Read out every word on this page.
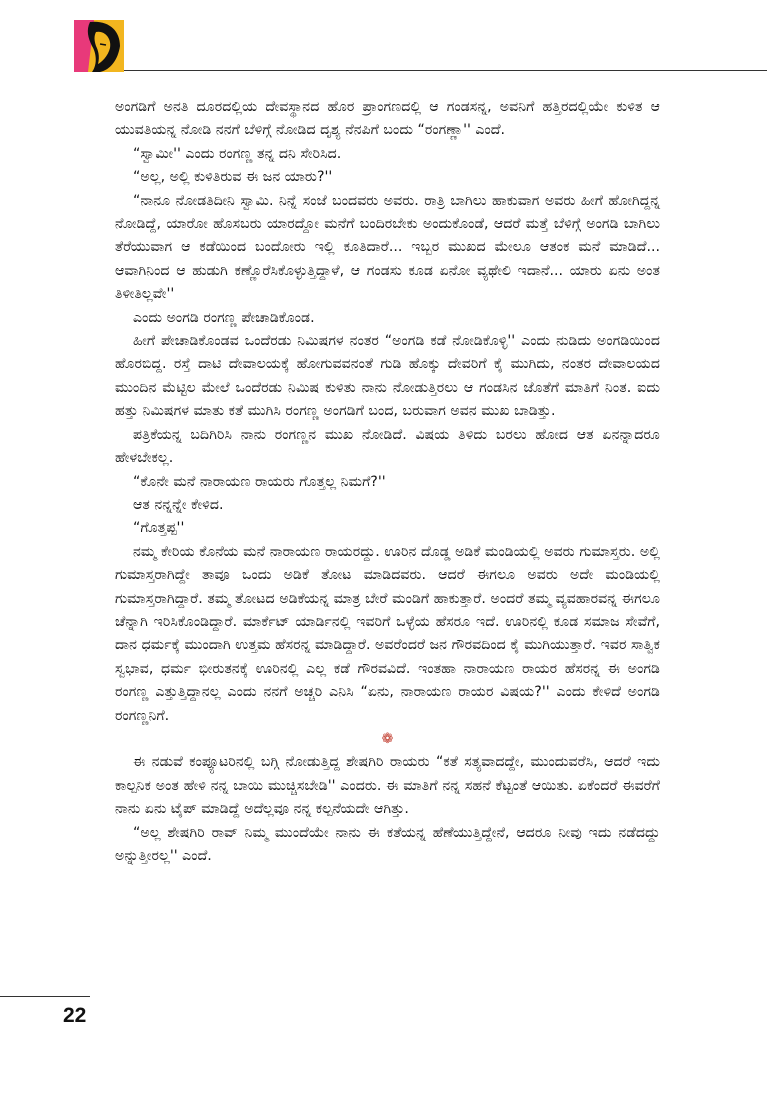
ಅಂಗಡಿಗೆ ಅನತಿ ದೂರದಲ್ಲಿಯ ದೇವಸ್ಥಾನದ ಹೊರ ಪ್ರಾಂಗಣದಲ್ಲಿ ಆ ಗಂಡಸನ್ನ, ಅವನಿಗೆ ಹತ್ತಿರದಲ್ಲಿಯೇ ಕುಳಿತ ಆ ಯುವತಿಯನ್ನ ನೋಡಿ ನನಗೆ ಬೆಳಿಗ್ಗೆ ನೋಡಿದ ದೃಶ್ಯ ನೆನಪಿಗೆ ಬಂದು “ರಂಗಣ್ಣಾ'' ಎಂದೆ.

“ಸ್ವಾಮೀ'' ಎಂದು ರಂಗಣ್ಣ ತನ್ನ ದನಿ ಸೇರಿಸಿದ.

“ಅಲ್ಲ, ಅಲ್ಲಿ ಕುಳಿತಿರುವ ಈ ಜನ ಯಾರು?''

“ನಾನೂ ನೋಡತಿದೀನಿ ಸ್ವಾಮಿ. ನಿನ್ನೆ ಸಂಜೆ ಬಂದವರು ಅವರು. ರಾತ್ರಿ ಬಾಗಿಲು ಹಾಕುವಾಗ ಅವರು ಹೀಗೆ ಹೋಗಿದ್ದನ್ನ ನೋಡಿದ್ದೆ, ಯಾರೋ ಹೊಸಬರು ಯಾರದ್ದೋ ಮನೆಗೆ ಬಂದಿರಬೇಕು ಅಂದುಕೊಂಡೆ, ಆದರೆ ಮತ್ತೆ ಬೆಳಿಗ್ಗೆ ಅಂಗಡಿ ಬಾಗಿಲು ತೆರೆಯುವಾಗ ಆ ಕಡೆಯಿಂದ ಬಂದೋರು ಇಲ್ಲಿ ಕೂತಿದಾರೆ... ಇಬ್ಬರ ಮುಖದ ಮೇಲೂ ಆತಂಕ ಮನೆ ಮಾಡಿದೆ... ಆವಾಗಿನಿಂದ ಆ ಹುಡುಗಿ ಕಣ್ಣೊರೆಸಿಕೊಳ್ಳುತ್ತಿದ್ದಾಳೆ, ಆ ಗಂಡಸು ಕೂಡ ಏನೋ ವ್ಯಥೇಲಿ ಇದಾನೆ... ಯಾರು ಏನು ಅಂತ ತಿಳೀತಿಲ್ಲವೇ''

ಎಂದು ಅಂಗಡಿ ರಂಗಣ್ಣ ಪೇಚಾಡಿಕೊಂಡ.

ಹೀಗೆ ಪೇಚಾಡಿಕೊಂಡವ ಒಂದೆರಡು ನಿಮಿಷಗಳ ನಂತರ “ಅಂಗಡಿ ಕಡೆ ನೋಡಿಕೊಳ್ಳಿ'' ಎಂದು ನುಡಿದು ಅಂಗಡಿಯಿಂದ ಹೊರಬಿದ್ದ. ರಸ್ತೆ ದಾಟಿ ದೇವಾಲಯಕ್ಕೆ ಹೋಗುವವನಂತೆ ಗುಡಿ ಹೊಕ್ಕು ದೇವರಿಗೆ ಕೈ ಮುಗಿದು, ನಂತರ ದೇವಾಲಯದ ಮುಂದಿನ ಮೆಟ್ಟಿಲ ಮೇಲೆ ಒಂದೆರಡು ನಿಮಿಷ ಕುಳಿತು ನಾನು ನೋಡುತ್ತಿರಲು ಆ ಗಂಡಸಿನ ಜೊತೆಗೆ ಮಾತಿಗೆ ನಿಂತ. ಐದು ಹತ್ತು ನಿಮಿಷಗಳ ಮಾತು ಕತೆ ಮುಗಿಸಿ ರಂಗಣ್ಣ ಅಂಗಡಿಗೆ ಬಂದ, ಬರುವಾಗ ಅವನ ಮುಖ ಬಾಡಿತ್ತು.

ಪತ್ರಿಕೆಯನ್ನ ಬದಿಗಿರಿಸಿ ನಾನು ರಂಗಣ್ಣನ ಮುಖ ನೋಡಿದೆ. ವಿಷಯ ತಿಳಿದು ಬರಲು ಹೋದ ಆತ ಏನನ್ನಾದರೂ ಹೇಳಬೇಕಲ್ಲ.

“ಕೊನೇ ಮನೆ ನಾರಾಯಣ ರಾಯರು ಗೊತ್ತಲ್ಲ ನಿಮಗೆ?''

ಆತ ನನ್ನನ್ನೇ ಕೇಳಿದ.

“ಗೊತ್ತಪ್ಪ''

ನಮ್ಮ ಕೇರಿಯ ಕೊನೆಯ ಮನೆ ನಾರಾಯಣ ರಾಯರದ್ದು. ಊರಿನ ದೊಡ್ಡ ಅಡಿಕೆ ಮಂಡಿಯಲ್ಲಿ ಅವರು ಗುಮಾಸ್ತರು. ಅಲ್ಲಿ ಗುಮಾಸ್ತರಾಗಿದ್ದೇ ತಾವೂ ಒಂದು ಅಡಿಕೆ ತೋಟ ಮಾಡಿದವರು. ಆದರೆ ಈಗಲೂ ಅವರು ಅದೇ ಮಂಡಿಯಲ್ಲಿ ಗುಮಾಸ್ತರಾಗಿದ್ದಾರೆ. ತಮ್ಮ ತೋಟದ ಅಡಿಕೆಯನ್ನ ಮಾತ್ರ ಬೇರೆ ಮಂಡಿಗೆ ಹಾಕುತ್ತಾರೆ. ಅಂದರೆ ತಮ್ಮ ವ್ಯವಹಾರವನ್ನ ಈಗಲೂ ಚೆನ್ನಾಗಿ ಇರಿಸಿಕೊಂಡಿದ್ದಾರೆ. ಮಾರ್ಕೆಟ್ ಯಾರ್ಡಿನಲ್ಲಿ ಇವರಿಗೆ ಒಳ್ಳೆಯ ಹೆಸರೂ ಇದೆ. ಊರಿನಲ್ಲಿ ಕೂಡ ಸಮಾಜ ಸೇವೆಗೆ, ದಾನ ಧರ್ಮಕ್ಕೆ ಮುಂದಾಗಿ ಉತ್ತಮ ಹೆಸರನ್ನ ಮಾಡಿದ್ದಾರೆ. ಅವರೆಂದರೆ ಜನ ಗೌರವದಿಂದ ಕೈ ಮುಗಿಯುತ್ತಾರೆ. ಇವರ ಸಾತ್ವಿಕ ಸ್ವಭಾವ, ಧರ್ಮ ಭೀರುತನಕ್ಕೆ ಊರಿನಲ್ಲಿ ಎಲ್ಲ ಕಡೆ ಗೌರವವಿದೆ. ಇಂತಹಾ ನಾರಾಯಣ ರಾಯರ ಹೆಸರನ್ನ ಈ ಅಂಗಡಿ ರಂಗಣ್ಣ ಎತ್ತುತ್ತಿದ್ದಾನಲ್ಲ ಎಂದು ನನಗೆ ಅಚ್ಚರಿ ಎನಿಸಿ “ಏನು, ನಾರಾಯಣ ರಾಯರ ವಿಷಯ?'' ಎಂದು ಕೇಳಿದೆ ಅಂಗಡಿ ರಂಗಣ್ಣನಿಗೆ.

❁

ಈ ನಡುವೆ ಕಂಪ್ಯೂಟರಿನಲ್ಲಿ ಬಗ್ಗಿ ನೋಡುತ್ತಿದ್ದ ಶೇಷಗಿರಿ ರಾಯರು “ಕತೆ ಸತ್ಯವಾದದ್ದೇ, ಮುಂದುವರೆಸಿ, ಆದರೆ ಇದು ಕಾಲ್ಪನಿಕ ಅಂತ ಹೇಳಿ ನನ್ನ ಬಾಯಿ ಮುಚ್ಚಿಸಬೇಡಿ'' ಎಂದರು. ಈ ಮಾತಿಗೆ ನನ್ನ ಸಹನೆ ಕೆಟ್ಟಂತೆ ಆಯಿತು. ಏಕೆಂದರೆ ಈವರೆಗೆ ನಾನು ಏನು ಟೈಪ್ ಮಾಡಿದ್ದೆ ಅದೆಲ್ಲವೂ ನನ್ನ ಕಲ್ಪನೆಯದೇ ಆಗಿತ್ತು.

“ಅಲ್ಲ ಶೇಷಗಿರಿ ರಾವ್ ನಿಮ್ಮ ಮುಂದೆಯೇ ನಾನು ಈ ಕತೆಯನ್ನ ಹೆಣೆಯುತ್ತಿದ್ದೇನೆ, ಆದರೂ ನೀವು ಇದು ನಡೆದದ್ದು ಅನ್ನುತ್ತೀರಲ್ಲ'' ಎಂದೆ.

22
